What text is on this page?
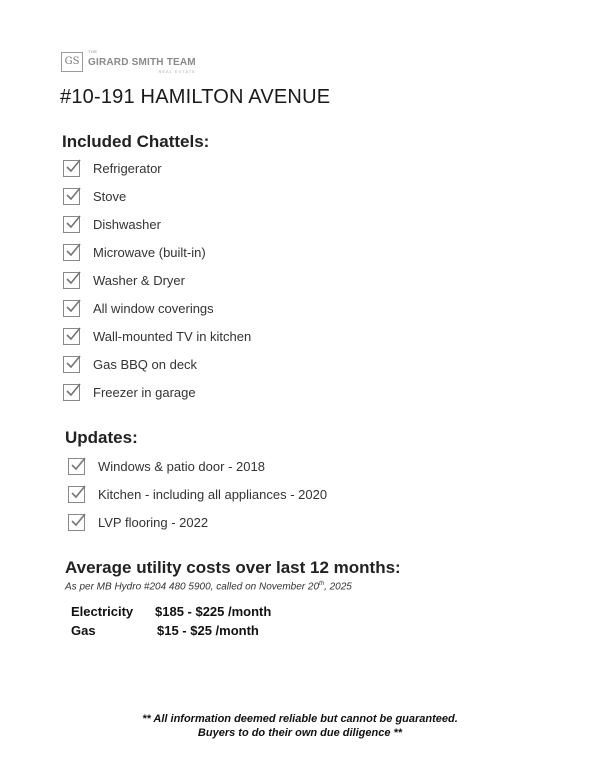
GS
THE
GIRARD SMITH TEAM
REAL ESTATE
#10-191 HAMILTON AVENUE
Included Chattels:
Refrigerator
Stove
Dishwasher
Microwave (built-in)
Washer & Dryer
All window coverings
Wall-mounted TV in kitchen
Gas BBQ on deck
Freezer in garage
Updates:
Windows & patio door - 2018
Kitchen - including all appliances - 2020
LVP flooring - 2022
Average utility costs over last 12 months:
As per MB Hydro #204 480 5900, called on November 20th, 2025
Electricity $185 - $225 /month
Gas	$15 - $25 /month
** All information deemed reliable but cannot be guaranteed.
Buyers to do their own due diligence **
